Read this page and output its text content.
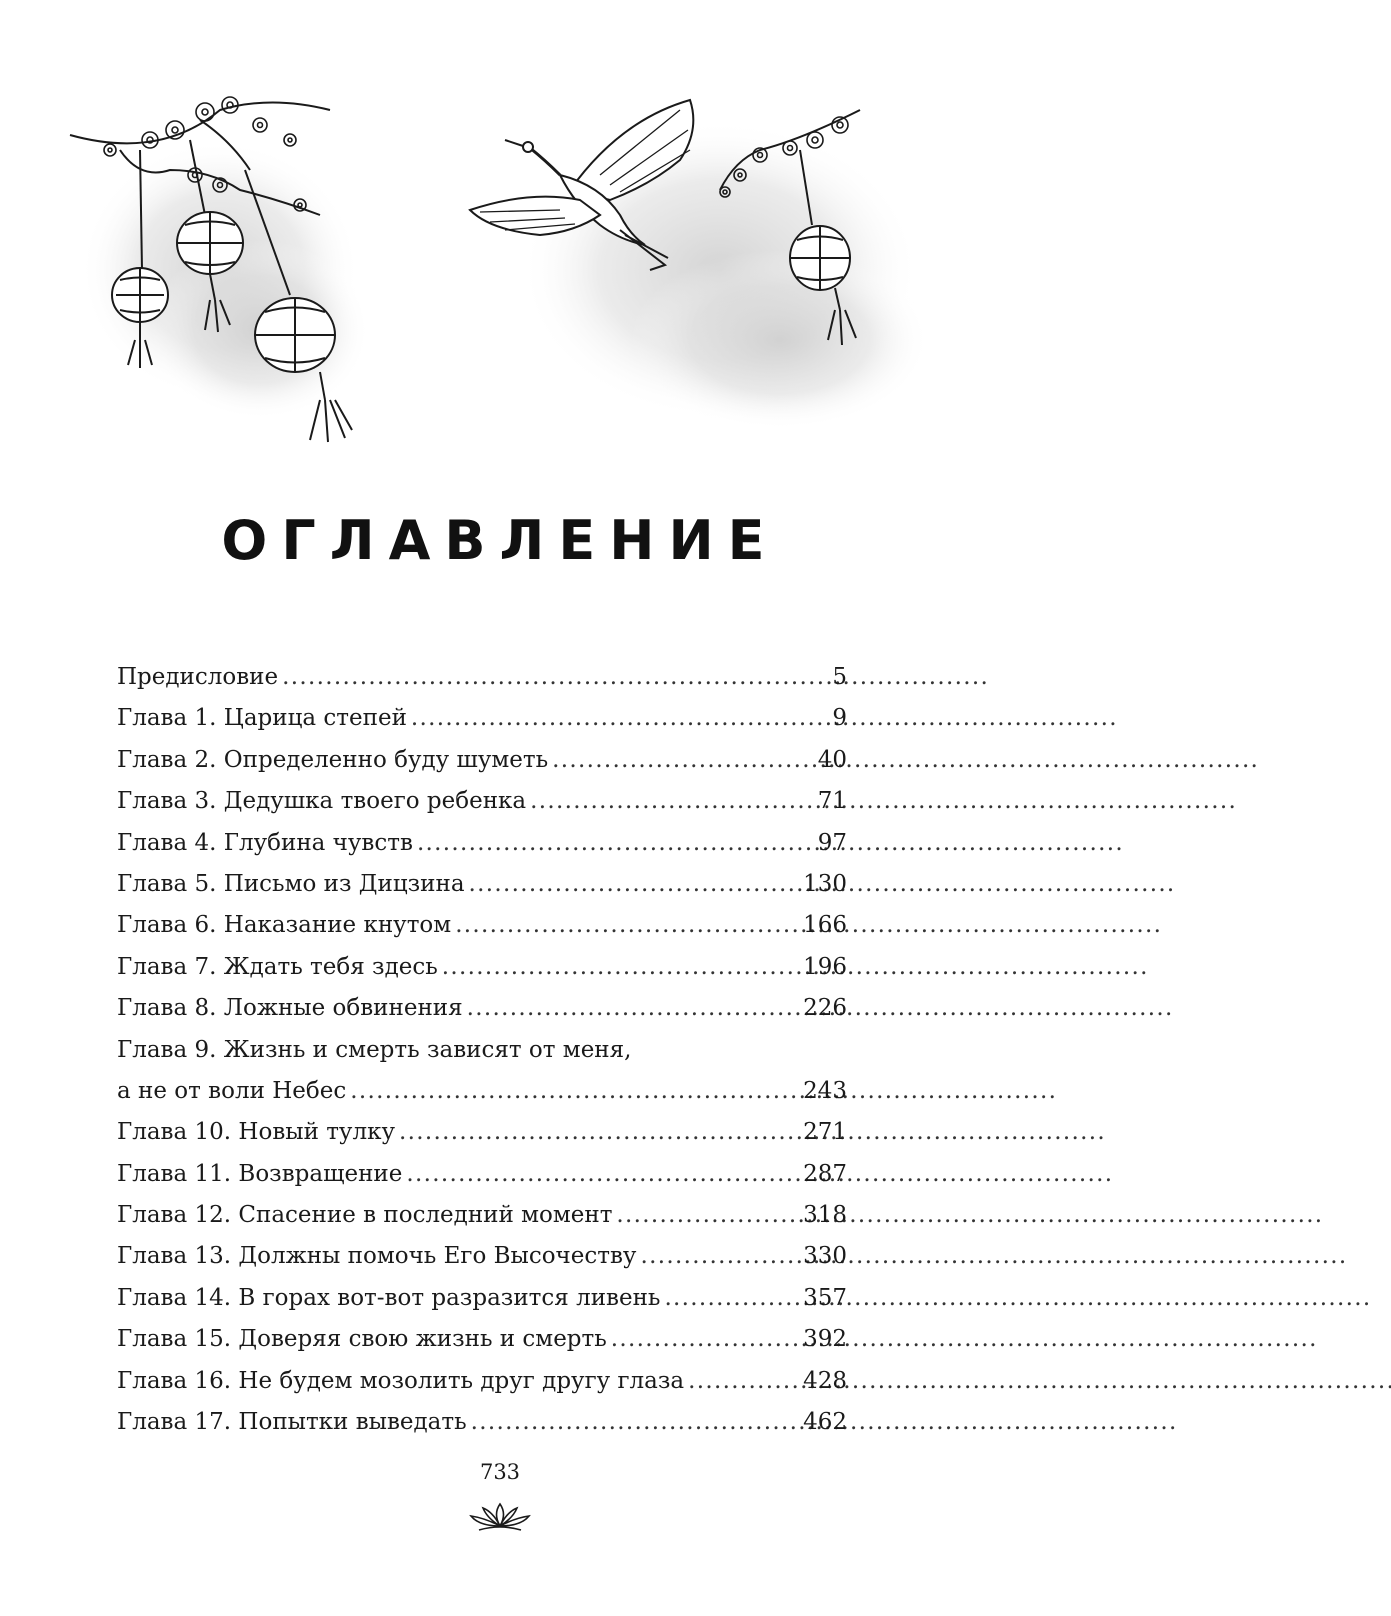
ОГЛАВЛЕНИЕ
Предисловие . . .	5
Глава 1. Царица степей . . .	9
Глава 2. Определенно буду шуметь . . .	40
Глава 3. Дедушка твоего ребенка . . .	71
Глава 4. Глубина чувств . . .	97
Глава 5. Письмо из Дицзина . . .	130
Глава 6. Наказание кнутом . . .	166
Глава 7. Ждать тебя здесь . . .	196
Глава 8. Ложные обвинения . . .	226
Глава 9. Жизнь и смерть зависят от меня,
а не от воли Небес . . .	243
Глава 10. Новый тулку . . .	271
Глава 11. Возвращение . . .	287
Глава 12. Спасение в последний момент . . .	318
Глава 13. Должны помочь Его Высочеству . . .	330
Глава 14. В горах вот-вот разразится ливень . . .	357
Глава 15. Доверяя свою жизнь и смерть . . .	392
Глава 16. Не будем мозолить друг другу глаза . . .	428
Глава 17. Попытки выведать . . .	462
733
